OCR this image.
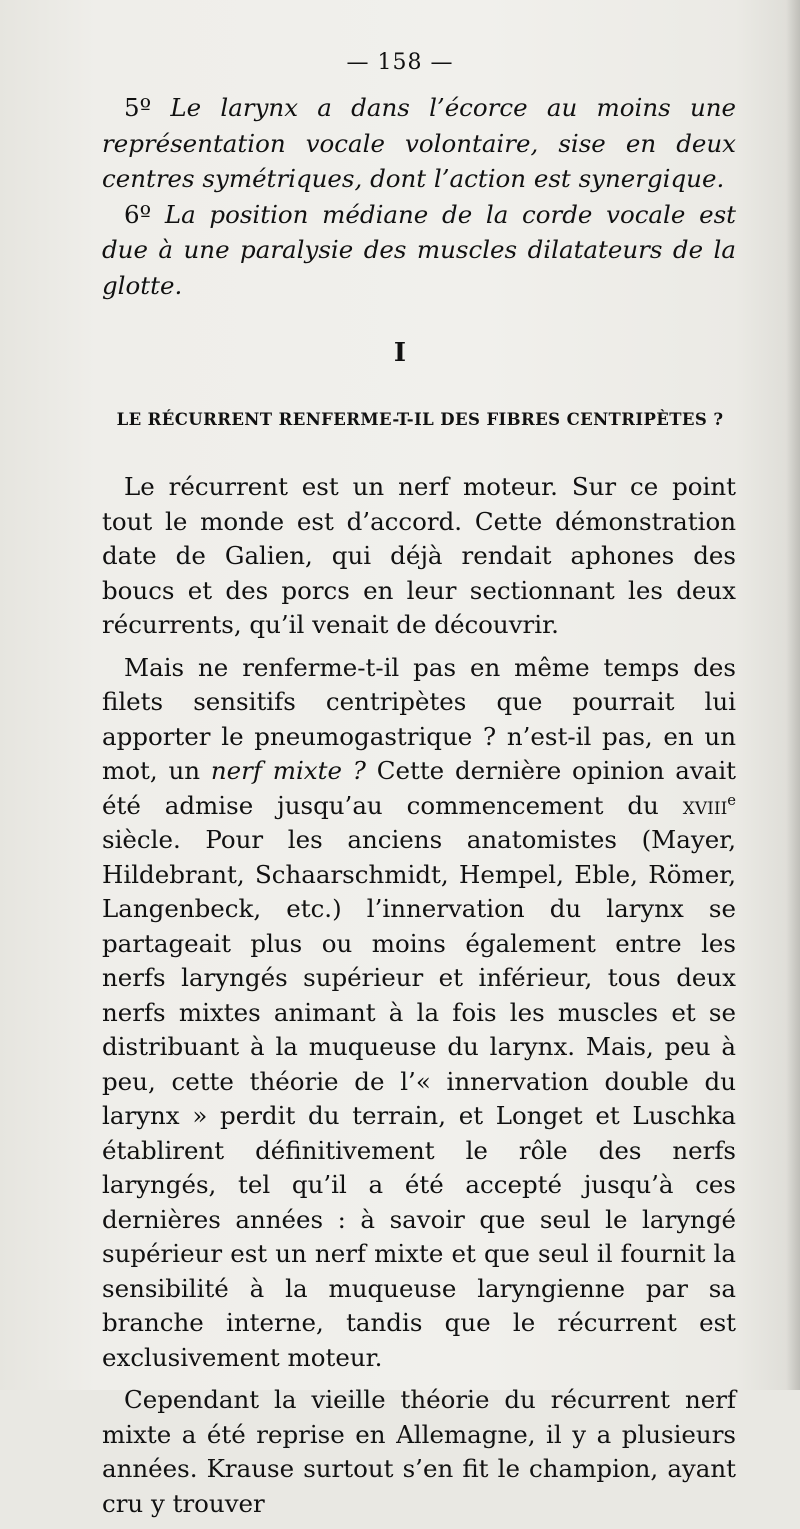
— 158 —

5º Le larynx a dans l’écorce au moins une représentation vocale volontaire, sise en deux centres symétriques, dont l’action est synergique.

6º La position médiane de la corde vocale est due à une paralysie des muscles dilatateurs de la glotte.

I
LE RÉCURRENT RENFERME-T-IL DES FIBRES CENTRIPÈTES ?

Le récurrent est un nerf moteur. Sur ce point tout le monde est d’accord. Cette démonstration date de Galien, qui déjà rendait aphones des boucs et des porcs en leur sectionnant les deux récurrents, qu’il venait de découvrir.

Mais ne renferme-t-il pas en même temps des filets sensitifs centripètes que pourrait lui apporter le pneumogastrique ? n’est-il pas, en un mot, un nerf mixte ? Cette dernière opinion avait été admise jusqu’au commencement du xviii$^e$ siècle. Pour les anciens anatomistes (Mayer, Hildebrant, Schaarschmidt, Hempel, Eble, Römer, Langenbeck, etc.) l’innervation du larynx se partageait plus ou moins également entre les nerfs laryngés supérieur et inférieur, tous deux nerfs mixtes animant à la fois les muscles et se distribuant à la muqueuse du larynx. Mais, peu à peu, cette théorie de l’« innervation double du larynx » perdit du terrain, et Longet et Luschka établirent définitivement le rôle des nerfs laryngés, tel qu’il a été accepté jusqu’à ces dernières années : à savoir que seul le laryngé supérieur est un nerf mixte et que seul il fournit la sensibilité à la muqueuse laryngienne par sa branche interne, tandis que le récurrent est exclusivement moteur.

Cependant la vieille théorie du récurrent nerf mixte a été reprise en Allemagne, il y a plusieurs années. Krause surtout s’en fit le champion, ayant cru y trouver
